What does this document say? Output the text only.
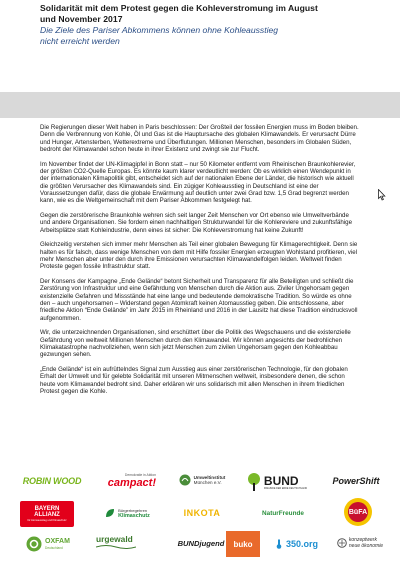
Solidarität mit dem Protest gegen die Kohleverstromung im August
und November 2017
Die Ziele des Pariser Abkommens können ohne Kohleausstieg
nicht erreicht werden

Die Regierungen dieser Welt haben in Paris beschlossen: Der Großteil der fossilen Energien muss im Boden bleiben. Denn die Verbrennung von Kohle, Öl und Gas ist die Hauptursache des globalen Klimawandels. Er verursacht Dürre und Hunger, Artensterben, Wetterextreme und Überflutungen. Millionen Menschen, besonders im Globalen Süden, bedroht der Klimawandel schon heute in ihrer Existenz und zwingt sie zur Flucht.

Im November findet der UN-Klimagipfel in Bonn statt – nur 50 Kilometer entfernt vom Rheinischen Braunkohlerevier, der größten CO2-Quelle Europas. Es könnte kaum klarer verdeutlicht werden: Ob es wirklich einen Wendepunkt in der internationalen Klimapolitik gibt, entscheidet sich auf der nationalen Ebene der Länder, die historisch wie aktuell die größten Verursacher des Klimawandels sind. Ein zügiger Kohleausstieg in Deutschland ist eine der Voraussetzungen dafür, dass die globale Erwärmung auf deutlich unter zwei Grad bzw. 1,5 Grad begrenzt werden kann, wie es die Weltgemeinschaft mit dem Pariser Abkommen festgelegt hat.

Gegen die zerstörerische Braunkohle wehren sich seit langer Zeit Menschen vor Ort ebenso wie Umweltverbände und andere Organisationen. Sie fordern einen nachhaltigen Strukturwandel für die Kohlereviere und zukunftsfähige Arbeitsplätze statt Kohleindustrie, denn eines ist sicher: Die Kohleverstromung hat keine Zukunft!

Gleichzeitig verstehen sich immer mehr Menschen als Teil einer globalen Bewegung für Klimagerechtigkeit. Denn sie halten es für falsch, dass wenige Menschen von dem mit Hilfe fossiler Energien erzeugten Wohlstand profitieren, viel mehr Menschen aber unter den durch ihre Emissionen verursachten Klimawandelfolgen leiden. Weltweit finden Proteste gegen fossile Infrastruktur statt.

Der Konsens der Kampagne „Ende Gelände“ betont Sicherheit und Transparenz für alle Beteiligten und schließt die Zerstörung von Infrastruktur und eine Gefährdung von Menschen durch die Aktion aus. Ziviler Ungehorsam gegen existenzielle Gefahren und Missstände hat eine lange und bedeutende demokratische Tradition. So würde es ohne den – auch ungehorsamen – Widerstand gegen Atomkraft keinen Atomausstieg geben. Die entschlossene, aber friedliche Aktion “Ende Gelände” im Jahr 2015 im Rheinland und 2016 in der Lausitz hat diese Tradition eindrucksvoll aufgenommen.

Wir, die unterzeichnenden Organisationen, sind erschüttert über die Politik des Wegschauens und die existenzielle Gefährdung von weltweit Millionen Menschen durch den Klimawandel. Wir können angesichts der bedrohlichen Klimakatastrophe nachvollziehen, wenn sich jetzt Menschen zum zivilen Ungehorsam gegen den Kohleabbau gezwungen sehen.

„Ende Gelände“ ist ein aufrüttelndes Signal zum Ausstieg aus einer zerstörerischen Technologie, für den globalen Erhalt der Umwelt und für gelebte Solidarität mit unseren Mitmenschen weltweit, insbesondere denen, die schon heute vom Klimawandel bedroht sind. Daher erklären wir uns solidarisch mit allen Menschen in ihrem friedlichen Protest gegen die Kohle.

ROBIN WOOD
Demokratie in Aktion
campact!	Umweltinstitut
München e.V.	BUND
FREUNDE DER ERDE DEUTSCHLAND
PowerShift
BAYERN
ALLIANZ
für Atomausstieg und Klimaschutz
Bürgerbegehren
Klimaschutz	INKOTA	NaturFreunde	BüFA
OXFAM
Deutschland
urgewald	BUNDjugend buko	350.org	konzeptwerk
neue ökonomie
